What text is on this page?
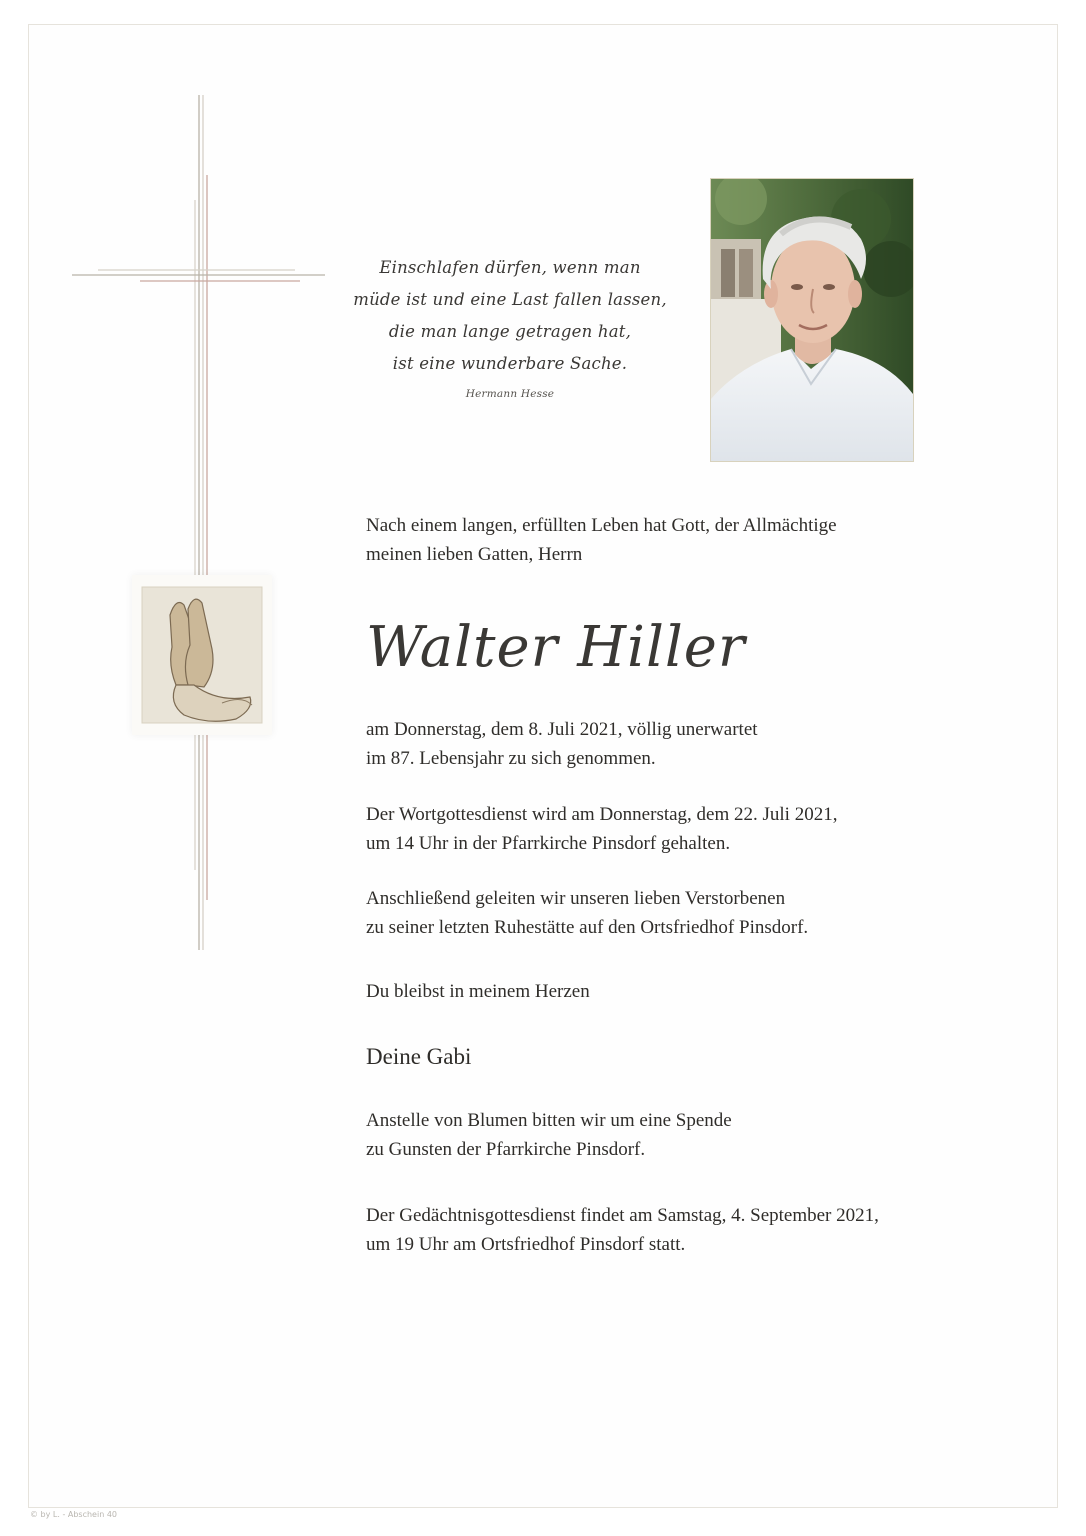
Einschlafen dürfen, wenn man
müde ist und eine Last fallen lassen,
die man lange getragen hat,
ist eine wunderbare Sache.
Hermann Hesse
Nach einem langen, erfüllten Leben hat Gott, der Allmächtige
meinen lieben Gatten, Herrn
Walter Hiller
am Donnerstag, dem 8. Juli 2021, völlig unerwartet
im 87. Lebensjahr zu sich genommen.
Der Wortgottesdienst wird am Donnerstag, dem 22. Juli 2021,
um 14 Uhr in der Pfarrkirche Pinsdorf gehalten.
Anschließend geleiten wir unseren lieben Verstorbenen
zu seiner letzten Ruhestätte auf den Ortsfriedhof Pinsdorf.
Du bleibst in meinem Herzen
Deine Gabi
Anstelle von Blumen bitten wir um eine Spende
zu Gunsten der Pfarrkirche Pinsdorf.
Der Gedächtnisgottesdienst findet am Samstag, 4. September 2021,
um 19 Uhr am Ortsfriedhof Pinsdorf statt.
© by L. - Abschein 40
